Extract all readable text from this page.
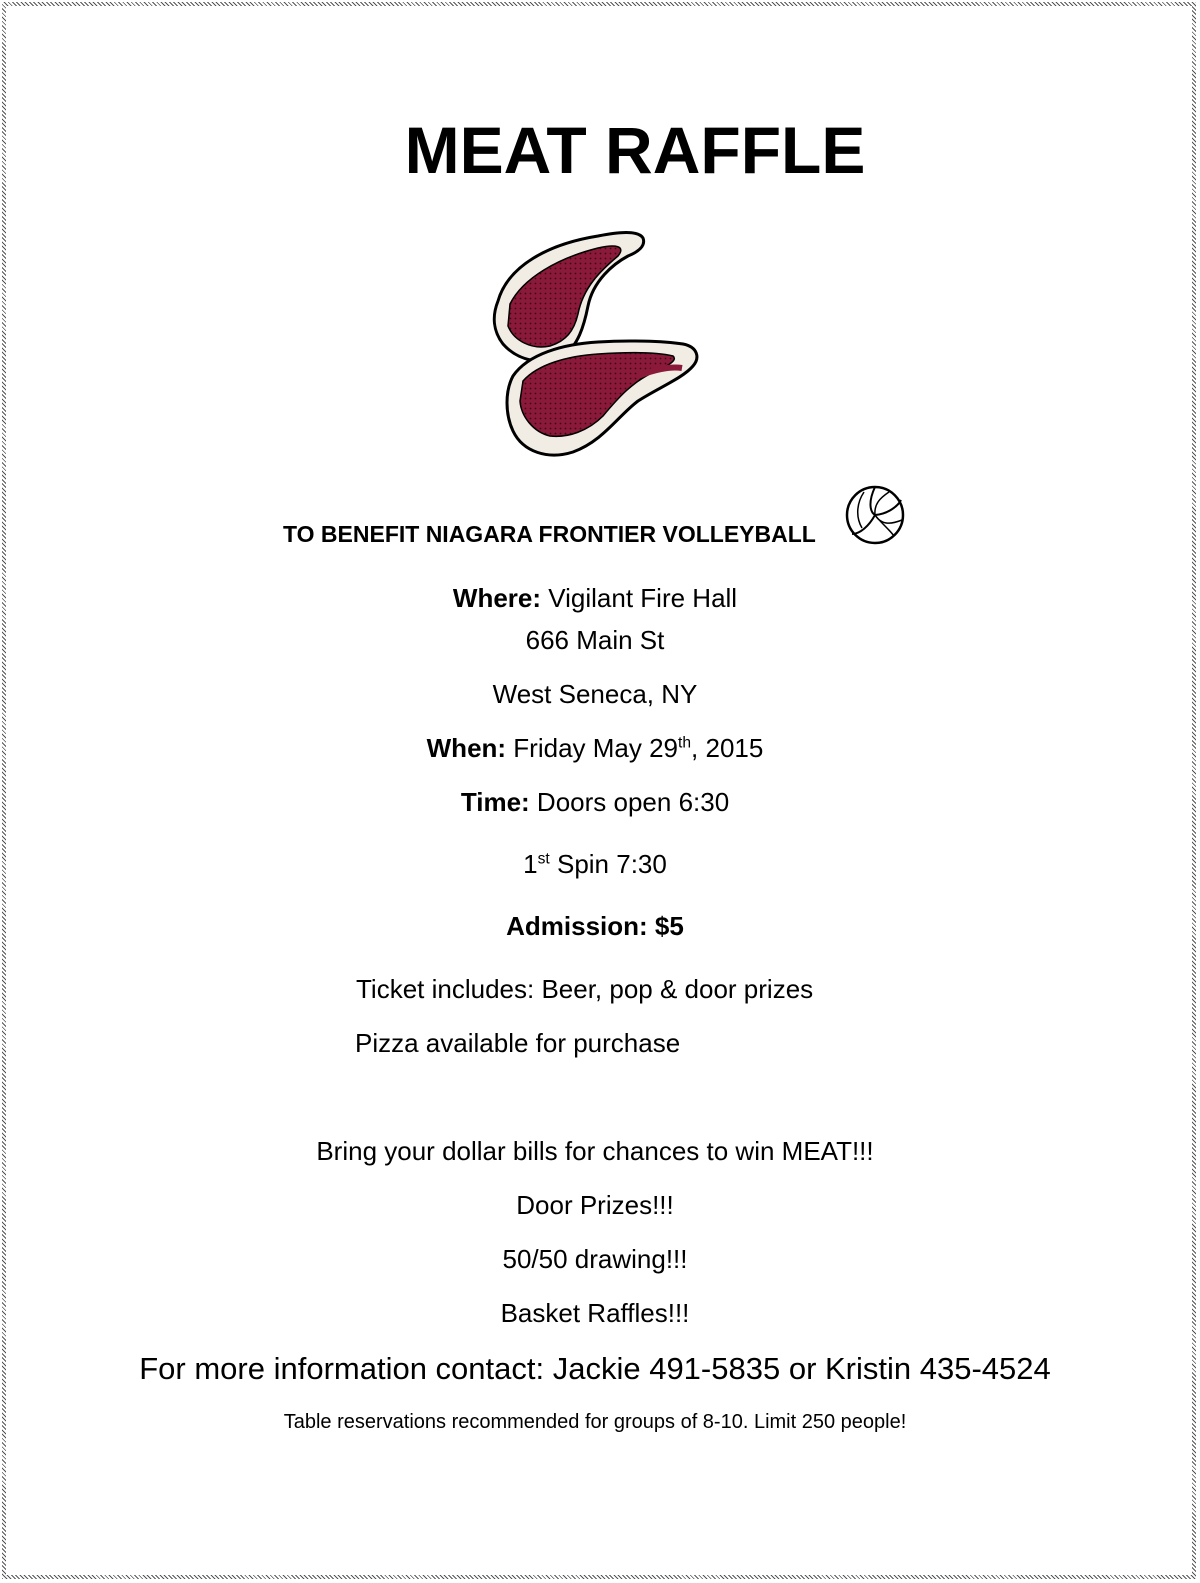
MEAT RAFFLE
TO BENEFIT NIAGARA FRONTIER VOLLEYBALL
Where: Vigilant Fire Hall
666 Main St
West Seneca, NY
When: Friday May 29th, 2015
Time: Doors open 6:30
1st Spin 7:30
Admission: $5
Ticket includes: Beer, pop & door prizes
Pizza available for purchase
Bring your dollar bills for chances to win MEAT!!!
Door Prizes!!!
50/50 drawing!!!
Basket Raffles!!!
For more information contact: Jackie 491-5835 or Kristin 435-4524
Table reservations recommended for groups of 8-10. Limit 250 people!
